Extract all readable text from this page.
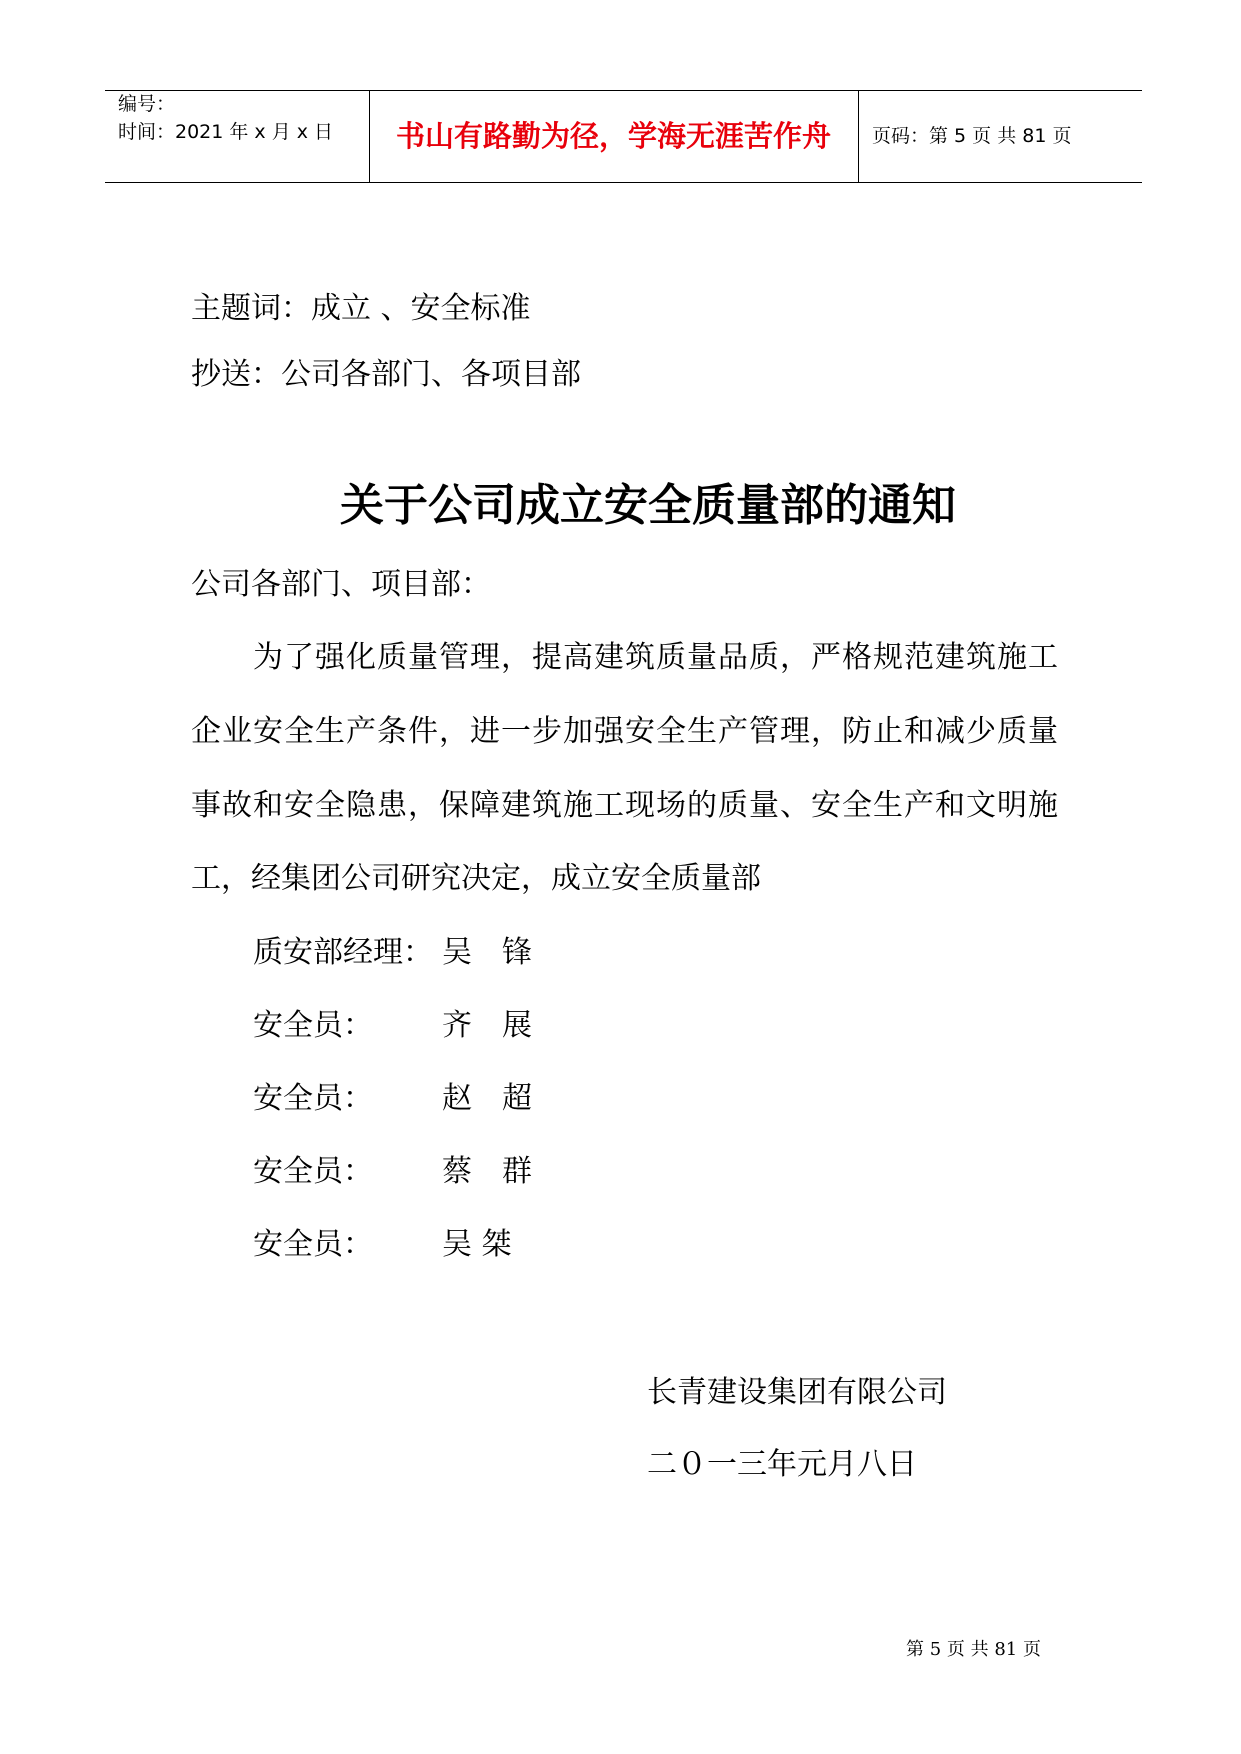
编号：
时间：2021 年 x 月 x 日	书山有路勤为径，学海无涯苦作舟	页码：第 5 页 共 81 页
主题词：成立 、安全标准
抄送：公司各部门、各项目部
关于公司成立安全质量部的通知
公司各部门、项目部：
为了强化质量管理，提高建筑质量品质，严格规范建筑施工
企业安全生产条件，进一步加强安全生产管理，防止和减少质量
事故和安全隐患，保障建筑施工现场的质量、安全生产和文明施
工，经集团公司研究决定，成立安全质量部
质安部经理： 吴　锋
安全员： 齐　展
安全员： 赵　超
安全员： 蔡　群
安全员： 吴 桀
长青建设集团有限公司
二０一三年元月八日
第 5 页 共 81 页
